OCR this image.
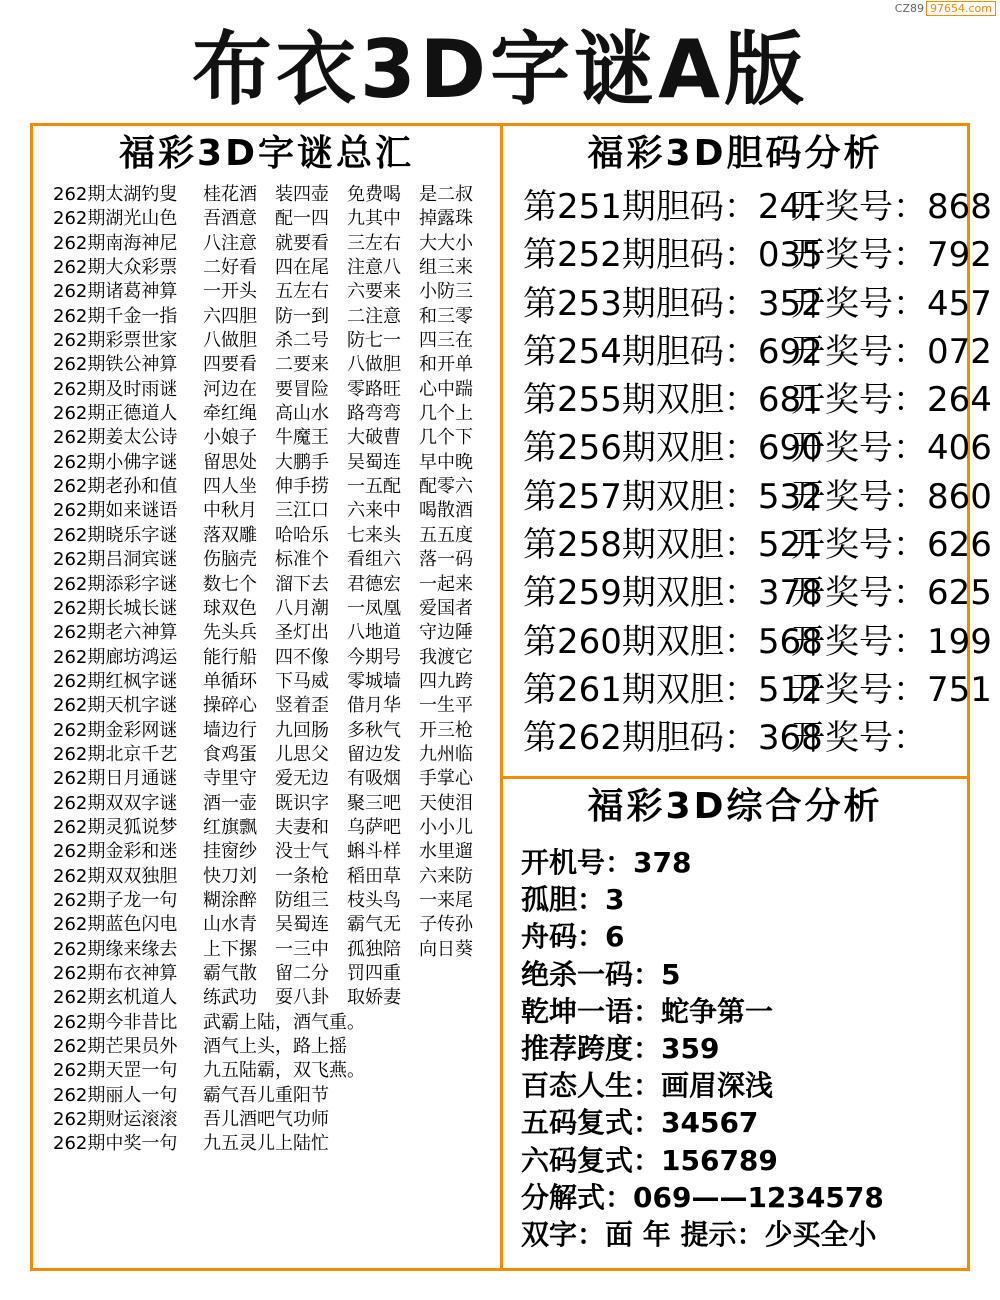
CZ89 97654.com
布衣3D字谜A版
福彩3D字谜总汇
262期太湖钓叟 桂花酒 装四壶 免费喝 是二叔
262期湖光山色 吾酒意 配一四 九其中 掉露珠
262期南海神尼 八注意 就要看 三左右 大大小
262期大众彩票 二好看 四在尾 注意八 组三来
262期诸葛神算 一开头 五左右 六要来 小防三
262期千金一指 六四胆 防一到 二注意 和三零
262期彩票世家 八做胆 杀二号 防七一 四三在
262期铁公神算 四要看 二要来 八做胆 和开单
262期及时雨谜 河边在 要冒险 零路旺 心中踹
262期正德道人 牵红绳 高山水 路弯弯 几个上
262期姜太公诗 小娘子 牛魔王 大破曹 几个下
262期小佛字谜 留思处 大鹏手 吴蜀连 早中晚
262期老孙和值 四人坐 伸手捞 一五配 配零六
262期如来谜语 中秋月 三江口 六来中 喝散酒
262期晓乐字谜 落双雕 哈哈乐 七来头 五五度
262期吕洞宾谜 伤脑壳 标准个 看组六 落一码
262期添彩字谜 数七个 溜下去 君德宏 一起来
262期长城长谜 球双色 八月潮 一凤凰 爱国者
262期老六神算 先头兵 圣灯出 八地道 守边陲
262期廊坊鸿运 能行船 四不像 今期号 我渡它
262期红枫字谜 单循环 下马威 零城墙 四九跨
262期天机字谜 操碎心 竖着歪 借月华 一生平
262期金彩网谜 墙边行 九回肠 多秋气 开三枪
262期北京千艺 食鸡蛋 儿思父 留边发 九州临
262期日月通谜 寺里守 爱无边 有吸烟 手掌心
262期双双字谜 酒一壶 既识字 聚三吧 天使泪
262期灵狐说梦 红旗飘 夫妻和 乌萨吧 小小儿
262期金彩和迷 挂窗纱 没士气 蝌斗样 水里遛
262期双双独胆 快刀刘 一条枪 稻田草 六来防
262期子龙一句 糊涂醉 防组三 枝头鸟 一来尾
262期蓝色闪电 山水青 吴蜀连 霸气无 子传孙
262期缘来缘去 上下摞 一三中 孤独陪 向日葵
262期布衣神算 霸气散 留二分 罚四重
262期玄机道人 练武功 耍八卦 取娇妻
262期今非昔比 武霸上陆，酒气重。
262期芒果员外 酒气上头，路上摇
262期天罡一句 九五陆霸，双飞燕。
262期丽人一句 霸气吾儿重阳节
262期财运滚滚 吾儿酒吧气功师
262期中奖一句 九五灵儿上陆忙
福彩3D胆码分析
第251期胆码：241开奖号：868
第252期胆码：035开奖号：792
第253期胆码：352开奖号：457
第254期胆码：692开奖号：072
第255期双胆：681开奖号：264
第256期双胆：690开奖号：406
第257期双胆：532开奖号：860
第258期双胆：521开奖号：626
第259期双胆：378开奖号：625
第260期双胆：568开奖号：199
第261期双胆：512开奖号：751
第262期胆码：368开奖号：
福彩3D综合分析
开机号：378
孤胆：3
舟码：6
绝杀一码：5
乾坤一语：蛇争第一
推荐跨度：359
百态人生：画眉深浅
五码复式：34567
六码复式：156789
分解式：069——1234578
双字：面 年 提示：少买全小
